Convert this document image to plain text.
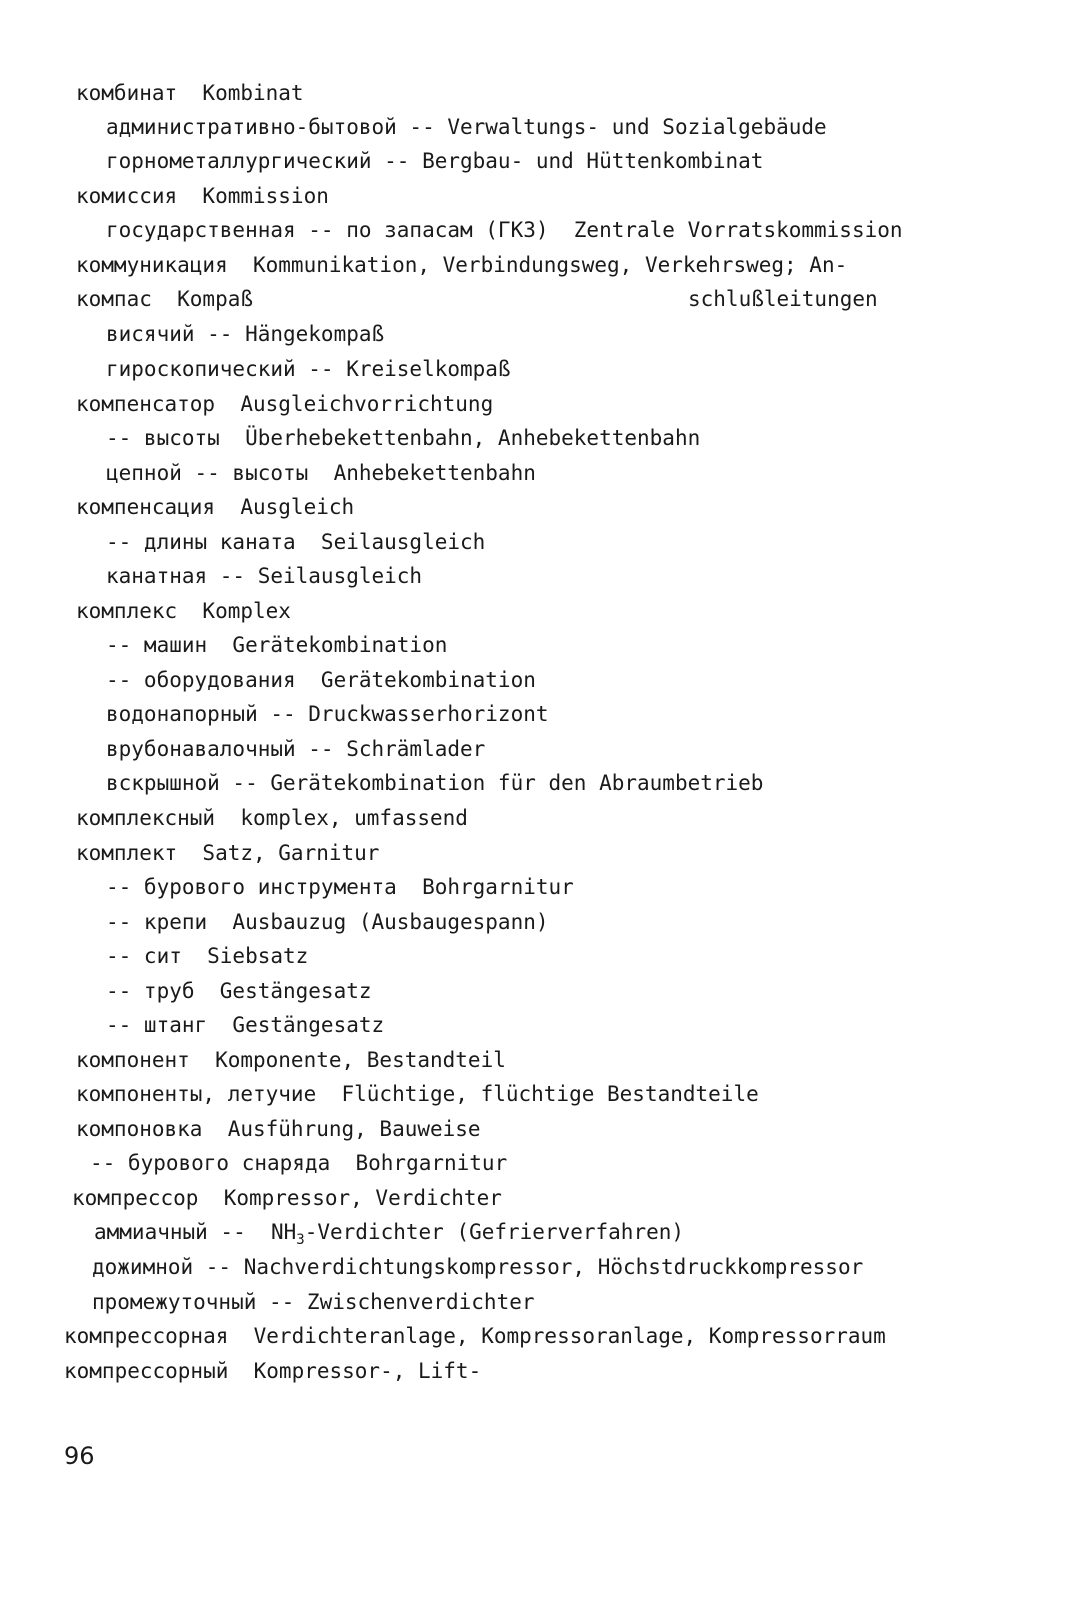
комбинат  Kombinat
административно-бытовой -- Verwaltungs- und Sozialgebäude
горнометаллургический -- Bergbau- und Hüttenkombinat
комиссия  Kommission
государственная -- по запасам (ГКЗ)  Zentrale Vorratskommission
коммуникация  Kommunikation, Verbindungsweg, Verkehrsweg; An-
компас  Kompaß	schlußleitungen
висячий -- Hängekompaß
гироскопический -- Kreiselkompaß
компенсатор  Ausgleichvorrichtung
-- высоты  Überhebekettenbahn, Anhebekettenbahn
цепной -- высоты  Anhebekettenbahn
компенсация  Ausgleich
-- длины каната  Seilausgleich
канатная -- Seilausgleich
комплекс  Komplex
-- машин  Gerätekombination
-- оборудования  Gerätekombination
водонапорный -- Druckwasserhorizont
врубонавалочный -- Schrämlader
вскрышной -- Gerätekombination für den Abraumbetrieb
комплексный  komplex, umfassend
комплект  Satz, Garnitur
-- бурового инструмента  Bohrgarnitur
-- крепи  Ausbauzug (Ausbaugespann)
-- сит  Siebsatz
-- труб  Gestängesatz
-- штанг  Gestängesatz
компонент  Komponente, Bestandteil
компоненты, летучие  Flüchtige, flüchtige Bestandteile
компоновка  Ausführung, Bauweise
-- бурового снаряда  Bohrgarnitur
компрессор  Kompressor, Verdichter
аммиачный --  $NH_3$-Verdichter (Gefrierverfahren)
дожимной -- Nachverdichtungskompressor, Höchstdruckkompressor
промежуточный -- Zwischenverdichter
компрессорная  Verdichteranlage, Kompressoranlage, Kompressorraum
компрессорный  Kompressor-, Lift-
96
